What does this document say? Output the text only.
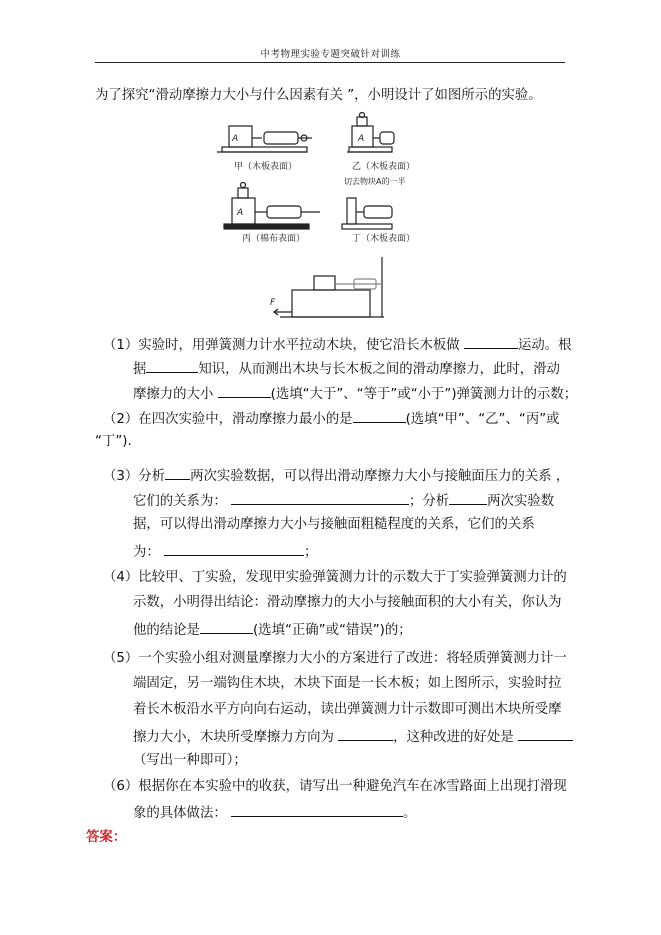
中考物理实验专题突破针对训练
为了探究“滑动摩擦力大小与什么因素有关 ”，小明设计了如图所示的实验。
A	A
A
甲（木板表面）	乙（木板表面）
切去物块A的一半
丙（棉布表面）	丁（木板表面）
F
（1）实验时，用弹簧测力计水平拉动木块，使它沿长木板做	运动。根
据	知识，从而测出木块与长木板之间的滑动摩擦力，此时，滑动
摩擦力的大小	(选填“大于”、“等于”或“小于”)弹簧测力计的示数；
（2）在四次实验中，滑动摩擦力最小的是	(选填“甲”、“乙”、“丙”或
“丁”).
（3）分析 两次实验数据，可以得出滑动摩擦力大小与接触面压力的关系 ，
它们的关系为：	；分析	两次实验数
据，可以得出滑动摩擦力大小与接触面粗糙程度的关系，它们的关系
为：	；
（4）比较甲、丁实验，发现甲实验弹簧测力计的示数大于丁实验弹簧测力计的
示数，小明得出结论：滑动摩擦力的大小与接触面积的大小有关，你认为
他的结论是	(选填“正确”或“错误”)的；
（5）一个实验小组对测量摩擦力大小的方案进行了改进：将轻质弹簧测力计一
端固定，另一端钩住木块，木块下面是一长木板；如上图所示，实验时拉
着长木板沿水平方向向右运动，读出弹簧测力计示数即可测出木块所受摩
擦力大小，木块所受摩擦力方向为	，这种改进的好处是
（写出一种即可）；
（6）根据你在本实验中的收获，请写出一种避免汽车在冰雪路面上出现打滑现
象的具体做法：	。
答案：
